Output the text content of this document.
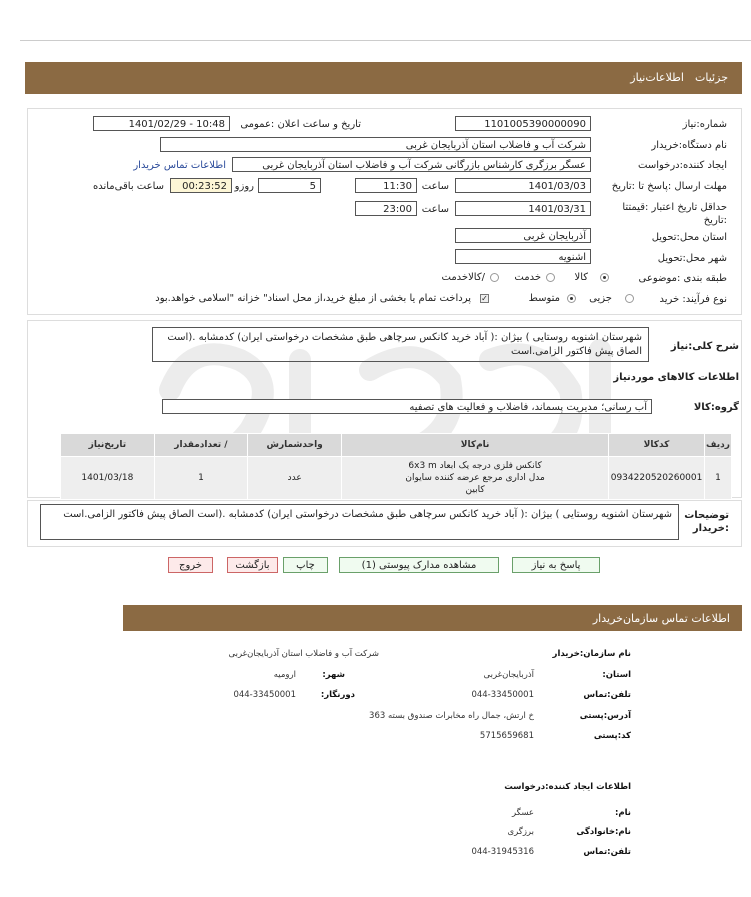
جزئیات
اطلاعات‌نیاز
شماره:نیاز
1101005390000090
تاریخ و ساعت اعلان :عمومی
1401/02/29 - 10:48
نام دستگاه:خریدار
شرکت آب و فاضلاب استان آذربایجان غربی
ایجاد کننده:درخواست
عسگر برزگری کارشناس بازرگانی شرکت آب و فاضلاب استان آذربایجان غربی
اطلاعات تماس خریدار
مهلت ارسال :پاسخ تا :تاریخ
1401/03/03
ساعت
11:30
5
روزو
00:23:52
ساعت باقی‌مانده
حداقل تاریخ اعتبار :قیمتتا :تاریخ
1401/03/31
ساعت
23:00
استان محل:تحویل
آذربایجان غربی
شهر محل:تحویل
اشنویه
طبقه بندی :موضوعی
کالا
خدمت
/کالاخدمت
نوع فرآیند: خرید
جزیی
متوسط
✓
پرداخت تمام یا بخشی از مبلغ خرید،از محل اسناد" خزانه "اسلامی خواهد.بود
شرح کلی:نیاز
شهرستان اشنویه روستایی ) بیژان :( آباد خرید کانکس سرچاهی طبق مشخصات درخواستی ایران) کدمشابه .(است الصاق پیش فاکتور الزامی.است
اطلاعات کالاهای موردنیاز
گروه:کالا
آب رسانی؛ مدیریت پسماند، فاضلاب و فعالیت های تصفیه
ردیف	کدکالا	نام‌کالا	واحدشمارش	/ تعدادمقدار	تاریخ‌نیاز
1	0934220520260001	کانکس فلزی درجه یک ابعاد 6x3 m مدل اداری مرجع عرضه کننده سایوان کابین	عدد	1	1401/03/18
توضیحات :خریدار
شهرستان اشنویه روستایی ) بیژان :( آباد خرید کانکس سرچاهی طبق مشخصات درخواستی ایران) کدمشابه .(است الصاق پیش فاکتور الزامی.است
پاسخ به نیاز
مشاهده مدارک پیوستی (1)
چاپ
بازگشت
خروج
اطلاعات تماس سازمان‌خریدار
نام سازمان:خریدار
شرکت آب و فاضلاب استان آذربایجان‌غربی
استان:
آذربایجان‌غربی
شهر:
ارومیه
تلفن:تماس
044-33450001
دورنگار:
044-33450001
آدرس:پستی
خ ارتش، جمال راه مخابرات صندوق بسته 363
کد:پستی
5715659681
اطلاعات ایجاد کننده:درخواست
نام:
عسگر
نام:خانوادگی
برزگری
تلفن:تماس
044-31945316
